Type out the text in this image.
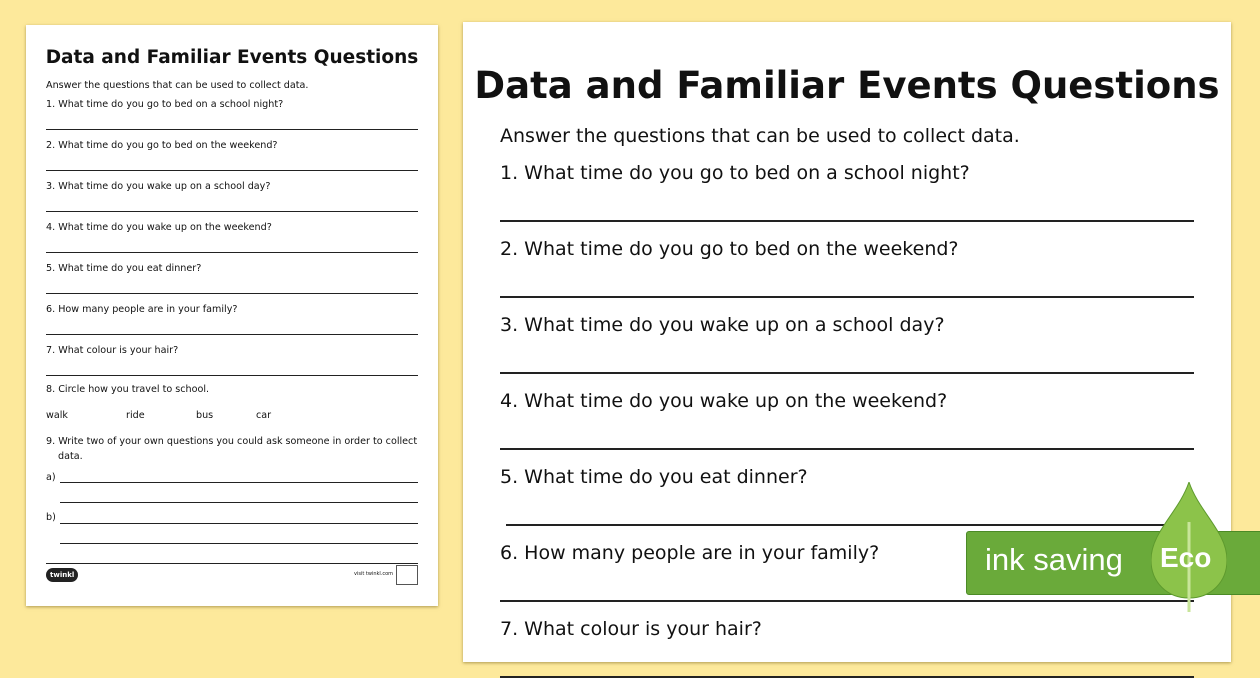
Data and Familiar Events Questions
Answer the questions that can be used to collect data.
1. What time do you go to bed on a school night?
2. What time do you go to bed on the weekend?
3. What time do you wake up on a school day?
4. What time do you wake up on the weekend?
5. What time do you eat dinner?
6. How many people are in your family?
7. What colour is your hair?
8. Circle how you travel to school.
walk	ride	bus	car
9. Write two of your own questions you could ask someone in order to collect
data.
a)
b)
twinkl	visit twinkl.com
Data and Familiar Events Questions
Answer the questions that can be used to collect data.
1. What time do you go to bed on a school night?
2. What time do you go to bed on the weekend?
3. What time do you wake up on a school day?
4. What time do you wake up on the weekend?
5. What time do you eat dinner?
6. How many people are in your family?
7. What colour is your hair?
ink saving Eco
